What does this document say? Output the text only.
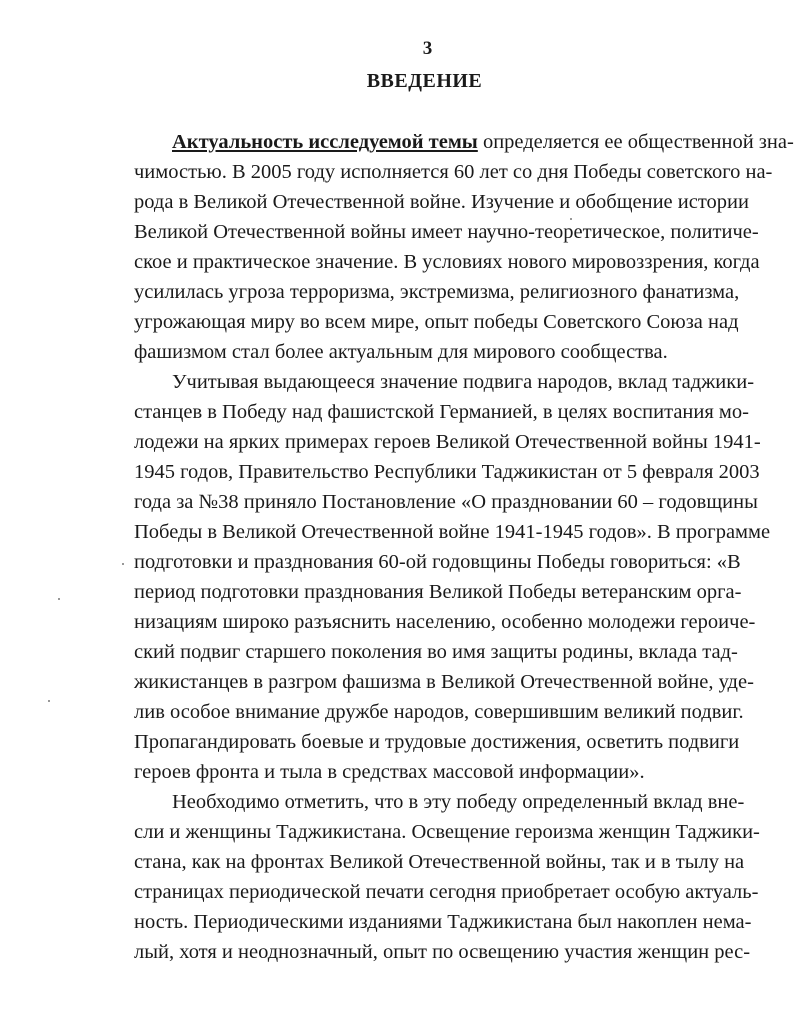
3
ВВЕДЕНИЕ
Актуальность исследуемой темы определяется ее общественной зна-
чимостью. В 2005 году исполняется 60 лет со дня Победы советского на-
рода в Великой Отечественной войне. Изучение и обобщение истории
Великой Отечественной войны имеет научно-теоретическое, политиче-
ское и практическое значение. В условиях нового мировоззрения, когда
усилилась угроза терроризма, экстремизма, религиозного фанатизма,
угрожающая миру во всем мире, опыт победы Советского Союза над
фашизмом стал более актуальным для мирового сообщества.
Учитывая выдающееся значение подвига народов, вклад таджики-
станцев в Победу над фашистской Германией, в целях воспитания мо-
лодежи на ярких примерах героев Великой Отечественной войны 1941-
1945 годов, Правительство Республики Таджикистан от 5 февраля 2003
года за №38 приняло Постановление «О праздновании 60 – годовщины
Победы в Великой Отечественной войне 1941-1945 годов». В программе
подготовки и празднования 60-ой годовщины Победы говориться: «В
период подготовки празднования Великой Победы ветеранским орга-
низациям широко разъяснить населению, особенно молодежи герoиче-
ский подвиг старшего поколения во имя защиты родины, вклада тад-
жикистанцев в разгром фашизма в Великой Отечественной войне, уде-
лив особое внимание дружбе народов, совершившим великий подвиг.
Пропагандировать боевые и трудовые достижения, осветить подвиги
героев фронта и тыла в средствах массовой информации».
Необходимо отметить, что в эту победу определенный вклад вне-
сли и женщины Таджикистана. Освещение героизма женщин Таджики-
стана, как на фронтах Великой Отечественной войны, так и в тылу на
страницах периодической печати сегодня приобретает особую актуаль-
ность. Периодическими изданиями Таджикистана был накоплен нема-
лый, хотя и неоднозначный, опыт по освещению участия женщин рес-
